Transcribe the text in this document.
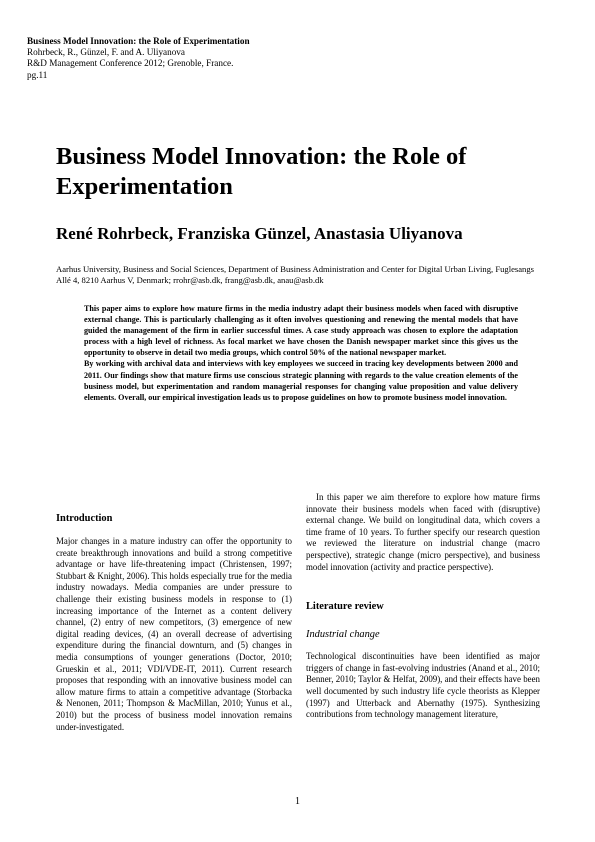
Business Model Innovation: the Role of Experimentation
Rohrbeck, R., Günzel, F. and A. Uliyanova
R&D Management Conference 2012; Grenoble, France.
pg.11
Business Model Innovation: the Role of Experimentation
René Rohrbeck, Franziska Günzel, Anastasia Uliyanova

Aarhus University, Business and Social Sciences, Department of Business Administration and Center for Digital Urban Living, Fuglesangs Allé 4, 8210 Aarhus V, Denmark; rrohr@asb.dk, frang@asb.dk, anau@asb.dk

This paper aims to explore how mature firms in the media industry adapt their business models when faced with disruptive external change. This is particularly challenging as it often involves questioning and renewing the mental models that have guided the management of the firm in earlier successful times. A case study approach was chosen to explore the adaptation process with a high level of richness. As focal market we have chosen the Danish newspaper market since this gives us the opportunity to observe in detail two media groups, which control 50% of the national newspaper market.

By working with archival data and interviews with key employees we succeed in tracing key developments between 2000 and 2011. Our findings show that mature firms use conscious strategic planning with regards to the value creation elements of the business model, but experimentation and random managerial responses for changing value proposition and value delivery elements. Overall, our empirical investigation leads us to propose guidelines on how to promote business model innovation.

Introduction

Major changes in a mature industry can offer the opportunity to create breakthrough innovations and build a strong competitive advantage or have life-threatening impact (Christensen, 1997; Stubbart & Knight, 2006). This holds especially true for the media industry nowadays. Media companies are under pressure to challenge their existing business models in response to (1) increasing importance of the Internet as a content delivery channel, (2) entry of new competitors, (3) emergence of new digital reading devices, (4) an overall decrease of advertising expenditure during the financial downturn, and (5) changes in media consumptions of younger generations (Doctor, 2010; Grueskin et al., 2011; VDI/VDE-IT, 2011). Current research proposes that responding with an innovative business model can allow mature firms to attain a competitive advantage (Storbacka & Nenonen, 2011; Thompson & MacMillan, 2010; Yunus et al., 2010) but the process of business model innovation remains under-investigated.

In this paper we aim therefore to explore how mature firms innovate their business models when faced with (disruptive) external change. We build on longitudinal data, which covers a time frame of 10 years. To further specify our research question we reviewed the literature on industrial change (macro perspective), strategic change (micro perspective), and business model innovation (activity and practice perspective).

Literature review
Industrial change

Technological discontinuities have been identified as major triggers of change in fast-evolving industries (Anand et al., 2010; Benner, 2010; Taylor & Helfat, 2009), and their effects have been well documented by such industry life cycle theorists as Klepper (1997) and Utterback and Abernathy (1975). Synthesizing contributions from technology management literature,

1
